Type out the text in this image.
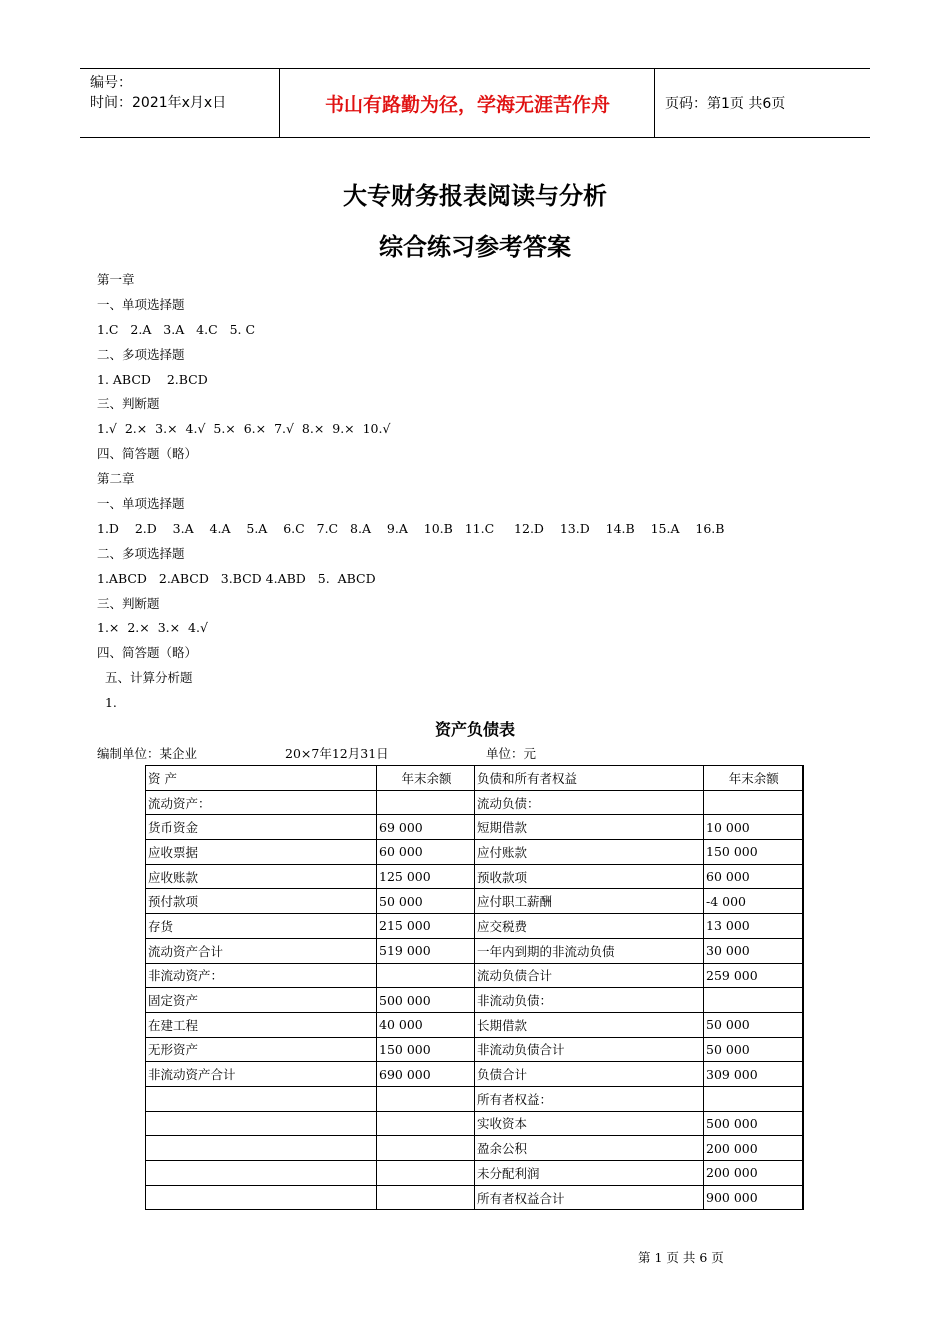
编号：
时间：2021年x月x日	书山有路勤为径，学海无涯苦作舟	页码：第1页 共6页
大专财务报表阅读与分析
综合练习参考答案
第一章
一、单项选择题
1.C   2.A   3.A   4.C   5. C
二、多项选择题
1. ABCD    2.BCD
三、判断题
1.√  2.×  3.×  4.√  5.×  6.×  7.√  8.×  9.×  10.√
四、简答题（略）
第二章
一、单项选择题
1.D    2.D    3.A    4.A    5.A    6.C   7.C   8.A    9.A    10.B   11.C     12.D    13.D    14.B    15.A    16.B
二、多项选择题
1.ABCD   2.ABCD   3.BCD 4.ABD   5.  ABCD
三、判断题
1.×  2.×  3.×  4.√
四、简答题（略）
五、计算分析题
1.
资产负债表
编制单位：某企业	20×7年12月31日	单位：元
资 产	年末余额	负债和所有者权益	年末余额
流动资产：		流动负债：	
货币资金	69 000	短期借款	10 000
应收票据	60 000	应付账款	150 000
应收账款	125 000	预收款项	60 000
预付款项	50 000	应付职工薪酬	-4 000
存货	215 000	应交税费	13 000
流动资产合计	519 000	一年内到期的非流动负债	30 000
非流动资产：		流动负债合计	259 000
固定资产	500 000	非流动负债：	
在建工程	40 000	长期借款	50 000
无形资产	150 000	非流动负债合计	50 000
非流动资产合计	690 000	负债合计	309 000
		所有者权益：	
		实收资本	500 000
		盈余公积	200 000
		未分配利润	200 000
		所有者权益合计	900 000
第 1 页 共 6 页
